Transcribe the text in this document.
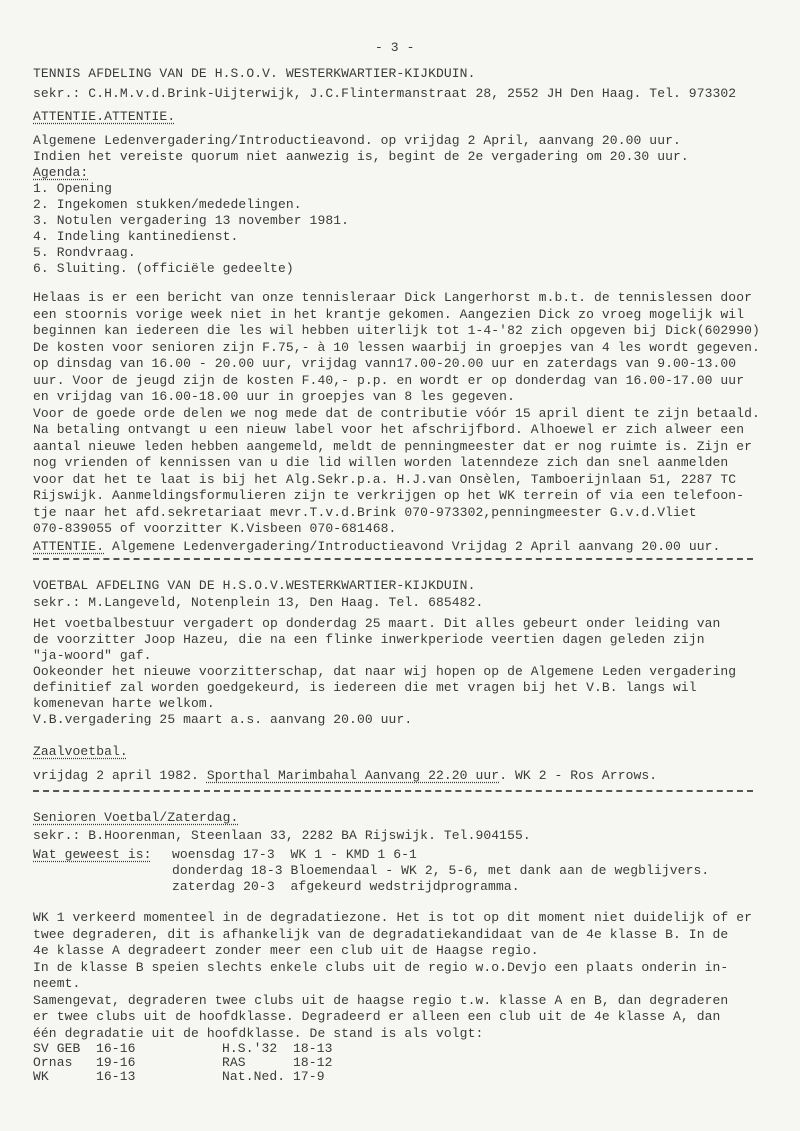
- 3 -
TENNIS AFDELING VAN DE H.S.O.V. WESTERKWARTIER-KIJKDUIN.
sekr.: C.H.M.v.d.Brink-Uijterwijk, J.C.Flintermanstraat 28, 2552 JH Den Haag. Tel. 973302
ATTENTIE.ATTENTIE.
Algemene Ledenvergadering/Introductieavond. op vrijdag 2 April, aanvang 20.00 uur.
Indien het vereiste quorum niet aanwezig is, begint de 2e vergadering om 20.30 uur.
Agenda:
1. Opening
2. Ingekomen stukken/mededelingen.
3. Notulen vergadering 13 november 1981.
4. Indeling kantinedienst.
5. Rondvraag.
6. Sluiting. (officiële gedeelte)
Helaas is er een bericht van onze tennisleraar Dick Langerhorst m.b.t. de tennislessen door
een stoornis vorige week niet in het krantje gekomen. Aangezien Dick zo vroeg mogelijk wil
beginnen kan iedereen die les wil hebben uiterlijk tot 1-4-'82 zich opgeven bij Dick(602990)
De kosten voor senioren zijn F.75,- à 10 lessen waarbij in groepjes van 4 les wordt gegeven.
op dinsdag van 16.00 - 20.00 uur, vrijdag vann17.00-20.00 uur en zaterdags van 9.00-13.00
uur. Voor de jeugd zijn de kosten F.40,- p.p. en wordt er op donderdag van 16.00-17.00 uur
en vrijdag van 16.00-18.00 uur in groepjes van 8 les gegeven.
Voor de goede orde delen we nog mede dat de contributie vóór 15 april dient te zijn betaald.
Na betaling ontvangt u een nieuw label voor het afschrijfbord. Alhoewel er zich alweer een
aantal nieuwe leden hebben aangemeld, meldt de penningmeester dat er nog ruimte is. Zijn er
nog vrienden of kennissen van u die lid willen worden latenndeze zich dan snel aanmelden
voor dat het te laat is bij het Alg.Sekr.p.a. H.J.van Onsèlen, Tamboerijnlaan 51, 2287 TC
Rijswijk. Aanmeldingsformulieren zijn te verkrijgen op het WK terrein of via een telefoon-
tje naar het afd.sekretariaat mevr.T.v.d.Brink 070-973302,penningmeester G.v.d.Vliet
070-839055 of voorzitter K.Visbeen 070-681468.
ATTENTIE. Algemene Ledenvergadering/Introductieavond Vrijdag 2 April aanvang 20.00 uur.
VOETBAL AFDELING VAN DE H.S.O.V.WESTERKWARTIER-KIJKDUIN.
sekr.: M.Langeveld, Notenplein 13, Den Haag. Tel. 685482.
Het voetbalbestuur vergadert op donderdag 25 maart. Dit alles gebeurt onder leiding van
de voorzitter Joop Hazeu, die na een flinke inwerkperiode veertien dagen geleden zijn
"ja-woord" gaf.
Ookeonder het nieuwe voorzitterschap, dat naar wij hopen op de Algemene Leden vergadering
definitief zal worden goedgekeurd, is iedereen die met vragen bij het V.B. langs wil
komenevan harte welkom.
V.B.vergadering 25 maart a.s. aanvang 20.00 uur.
Zaalvoetbal.
vrijdag 2 april 1982. Sporthal Marimbahal Aanvang 22.20 uur. WK 2 - Ros Arrows.
Senioren Voetbal/Zaterdag.
sekr.: B.Hoorenman, Steenlaan 33, 2282 BA Rijswijk. Tel.904155.
Wat geweest is: woensdag 17-3  WK 1 - KMD 1 6-1
donderdag 18-3 Bloemendaal - WK 2, 5-6, met dank aan de wegblijvers.
zaterdag 20-3  afgekeurd wedstrijdprogramma.
WK 1 verkeerd momenteel in de degradatiezone. Het is tot op dit moment niet duidelijk of er
twee degraderen, dit is afhankelijk van de degradatiekandidaat van de 4e klasse B. In de
4e klasse A degradeert zonder meer een club uit de Haagse regio.
In de klasse B speien slechts enkele clubs uit de regio w.o.Devjo een plaats onderin in-
neemt.
Samengevat, degraderen twee clubs uit de haagse regio t.w. klasse A en B, dan degraderen
er twee clubs uit de hoofdklasse. Degradeerd er alleen een club uit de 4e klasse A, dan
één degradatie uit de hoofdklasse. De stand is als volgt:
SV GEB 16-16	H.S.'32 18-13
Ornas 19-16	RAS	18-12
WK	16-13	Nat.Ned. 17-9
